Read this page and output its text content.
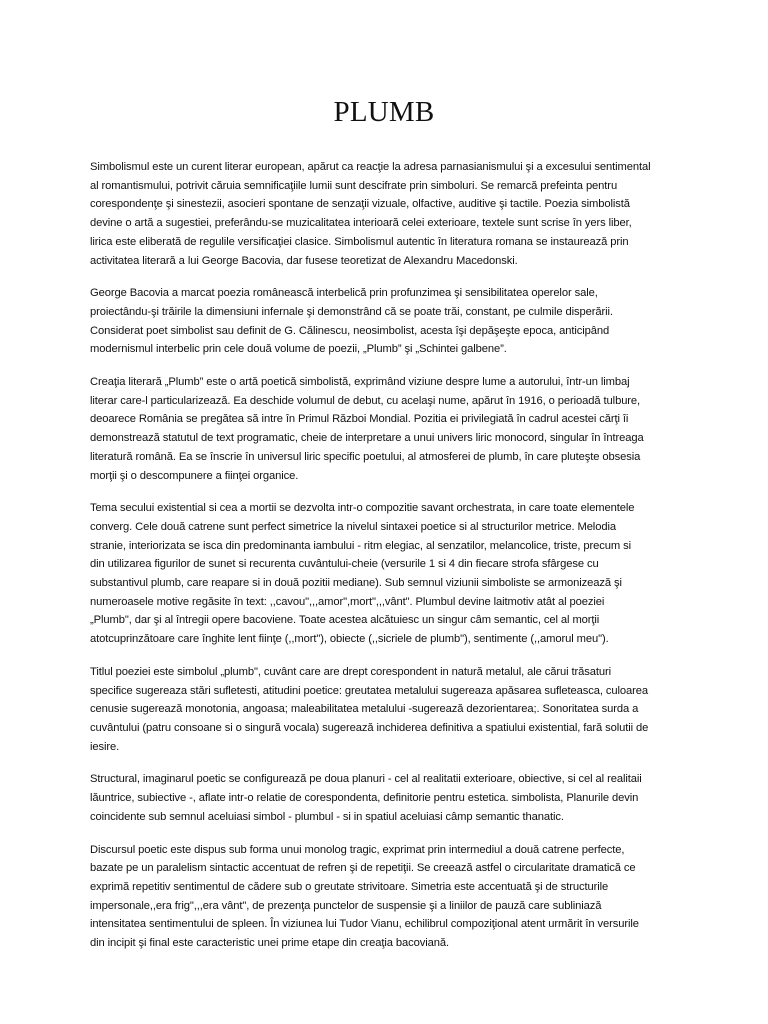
PLUMB

Simbolismul este un curent literar european, apărut ca reacţie la adresa parnasianismului şi a excesului sentimental
al romantismului, potrivit căruia semnificaţiile lumii sunt descifrate prin simboluri. Se remarcă prefeinta pentru
corespondenţe şi sinestezii, asocieri spontane de senzaţii vizuale, olfactive, auditive şi tactile. Poezia simbolistă
devine o artă a sugestiei, preferându-se muzicalitatea interioară celei exterioare, textele sunt scrise în yers liber,
lirica este eliberată de regulile versificaţiei clasice. Simbolismul autentic în literatura romana se instaurează prin
activitatea literară a lui George Bacovia, dar fusese teoretizat de Alexandru Macedonski.

George Bacovia a marcat poezia românească interbelică prin profunzimea şi sensibilitatea operelor sale,
proiectându-şi trăirile la dimensiuni infernale şi demonstrând că se poate trăi, constant, pe culmile disperării.
Considerat poet simbolist sau definit de G. Călinescu, neosimbolist, acesta îşi depăşeşte epoca, anticipând
modernismul interbelic prin cele două volume de poezii, „Plumb” şi „Schintei galbene”.

Creaţia literară „Plumb” este o artă poetică simbolistă, exprimând viziune despre lume a autorului, într-un limbaj
literar care-l particularizează. Ea deschide volumul de debut, cu acelaşi nume, apărut în 1916, o perioadă tulbure,
deoarece România se pregătea să intre în Primul Război Mondial. Pozitia ei privilegiată în cadrul acestei cărţi îi
demonstrează statutul de text programatic, cheie de interpretare a unui univers liric monocord, singular în întreaga
literatură română. Ea se înscrie în universul liric specific poetului, al atmosferei de plumb, în care pluteşte obsesia
morţii şi o descompunere a fiinţei organice.

Tema secului existential si cea a mortii se dezvolta intr-o compozitie savant orchestrata, in care toate elementele
converg. Cele două catrene sunt perfect simetrice la nivelul sintaxei poetice si al structurilor metrice. Melodia
stranie, interiorizata se isca din predominanta iambului - ritm elegiac, al senzatilor, melancolice, triste, precum si
din utilizarea figurilor de sunet si recurenta cuvântului-cheie (versurile 1 si 4 din fiecare strofa sfârgese cu
substantivul plumb, care reapare si in două pozitii mediane). Sub semnul viziunii simboliste se armonizează şi
numeroasele motive regăsite în text: ,,cavou",,,amor",mort",,,vânt". Plumbul devine laitmotiv atât al poeziei
„Plumb", dar şi al întregii opere bacoviene. Toate acestea alcătuiesc un singur câm semantic, cel al morţii
atotcuprinzătoare care înghite lent fiinţe (,,mort"), obiecte (,,sicriele de plumb"), sentimente (,,amorul meu").

Titlul poeziei este simbolul „plumb", cuvânt care are drept corespondent in natură metalul, ale cărui trăsaturi
specifice sugereaza stări sufletesti, atitudini poetice: greutatea metalului sugereaza apăsarea sufleteasca, culoarea
cenusie sugerează monotonia, angoasa; maleabilitatea metalului -sugerează dezorientarea;. Sonoritatea surda a
cuvântului (patru consoane si o singură vocala) sugerează inchiderea definitiva a spatiului existential, fară solutii de
iesire.

Structural, imaginarul poetic se configurează pe doua planuri - cel al realitatii exterioare, obiective, si cel al realitaii
lăuntrice, subiective -, aflate intr-o relatie de corespondenta, definitorie pentru estetica. simbolista, Planurile devin
coincidente sub semnul aceluiasi simbol - plumbul - si in spatiul aceluiasi câmp semantic thanatic.

Discursul poetic este dispus sub forma unui monolog tragic, exprimat prin intermediul a două catrene perfecte,
bazate pe un paralelism sintactic accentuat de refren şi de repetiţii. Se creează astfel o circularitate dramatică ce
exprimă repetitiv sentimentul de cădere sub o greutate strivitoare. Simetria este accentuată şi de structurile
impersonale,,era frig",,,era vânt", de prezenţa punctelor de suspensie şi a liniilor de pauză care subliniază
intensitatea sentimentului de spleen. În viziunea lui Tudor Vianu, echilibrul compoziţional atent urmărit în versurile
din incipit şi final este caracteristic unei prime etape din creaţia bacoviană.
